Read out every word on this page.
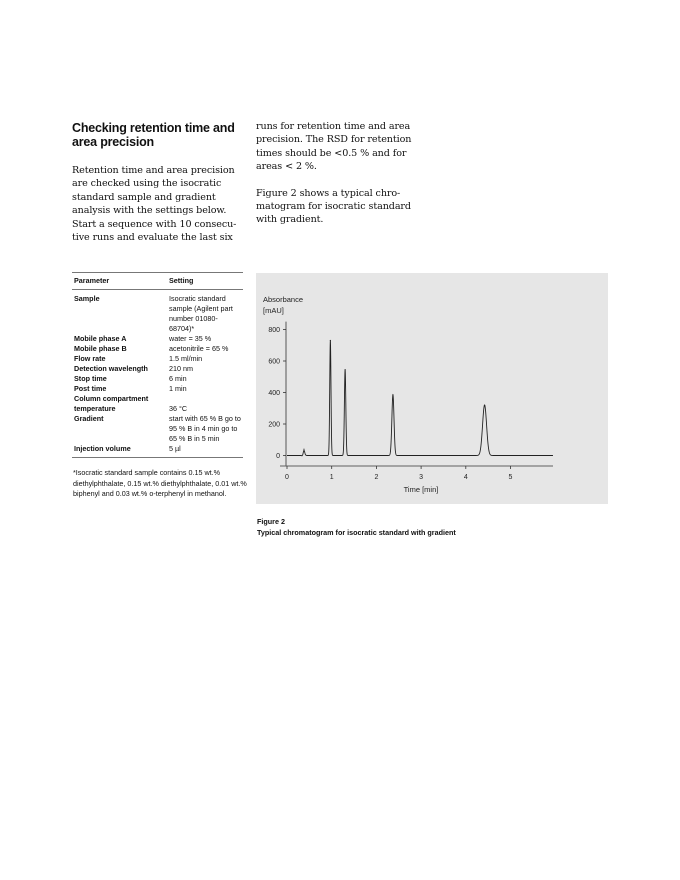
Checking retention time and area precision

Retention time and area precision are checked using the isocratic standard sample and gradient analysis with the settings below. Start a sequence with 10 consecu-tive runs and evaluate the last six

runs for retention time and area precision. The RSD for retention times should be <0.5 % and for areas < 2 %.

Figure 2 shows a typical chro-matogram for isocratic standard with gradient.

Parameter	Setting
Sample	Isocratic standard sample (Agilent part number 01080-68704)*
Mobile phase A	water = 35 %
Mobile phase B	acetonitrile = 65 %
Flow rate	1.5 ml/min
Detection wavelength	210 nm
Stop time	6 min
Post time	1 min
Column compartment temperature	36 °C
Gradient	start with 65 % B go to 95 % B in 4 min go to 65 % B in 5 min
Injection volume	5 µl
*Isocratic standard sample contains 0.15 wt.% diethylphthalate, 0.15 wt.% diethylphthalate, 0.01 wt.% biphenyl and 0.03 wt.% o-terphenyl in methanol.
Absorbance
[mAU]
Time [min]
0
200
400
600
800
0	1	2	3	4	5
Figure 2
Typical chromatogram for isocratic standard with gradient
